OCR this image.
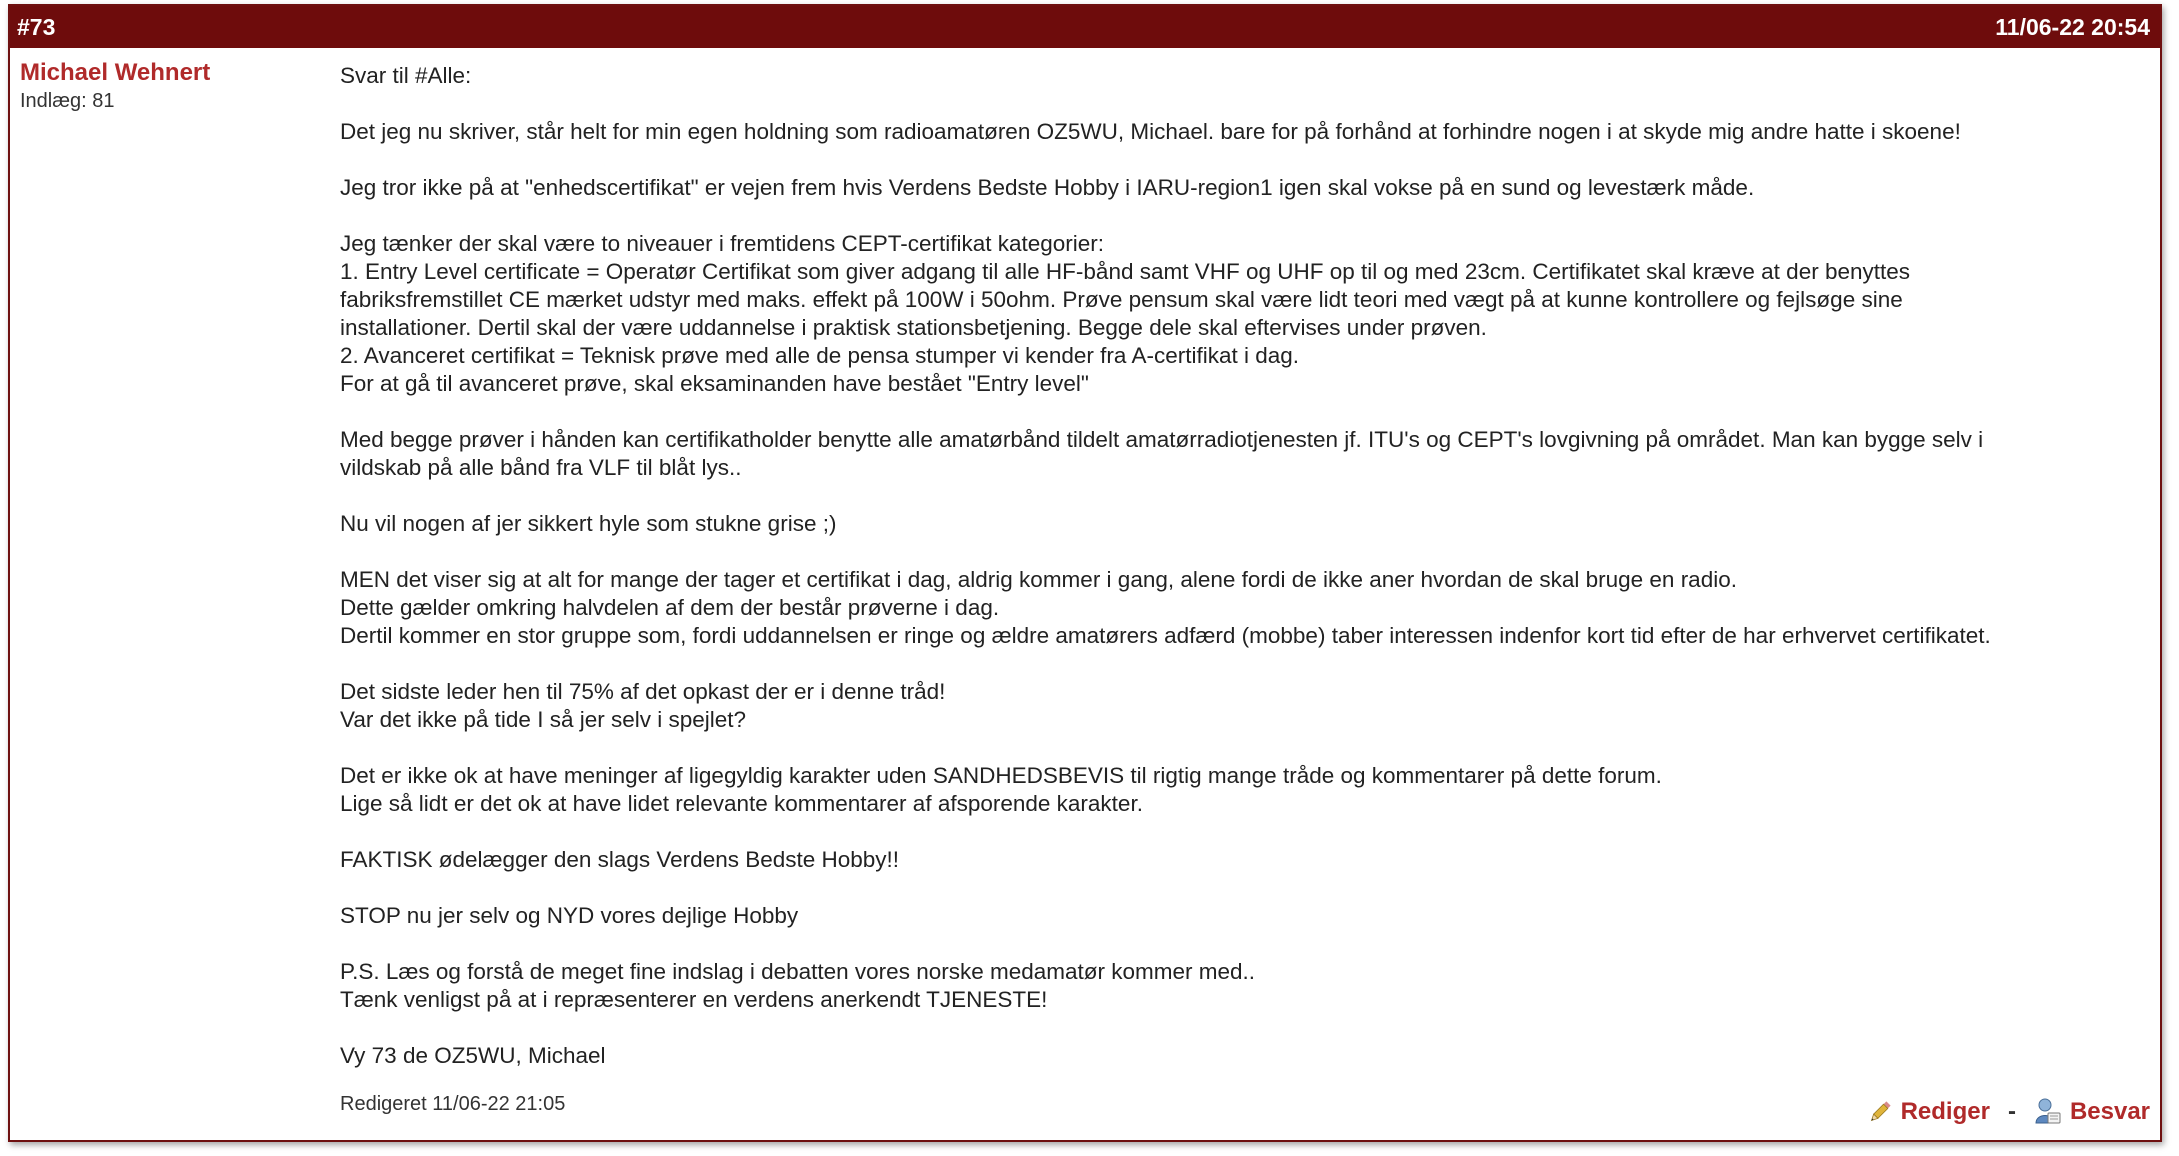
#73	11/06-22 20:54
Michael Wehnert
Indlæg: 81
Svar til #Alle:
Det jeg nu skriver, står helt for min egen holdning som radioamatøren OZ5WU, Michael. bare for på forhånd at forhindre nogen i at skyde mig andre hatte i skoene!
Jeg tror ikke på at "enhedscertifikat" er vejen frem hvis Verdens Bedste Hobby i IARU-region1 igen skal vokse på en sund og levestærk måde.
Jeg tænker der skal være to niveauer i fremtidens CEPT-certifikat kategorier:
1. Entry Level certificate = Operatør Certifikat som giver adgang til alle HF-bånd samt VHF og UHF op til og med 23cm. Certifikatet skal kræve at der benyttes
fabriksfremstillet CE mærket udstyr med maks. effekt på 100W i 50ohm. Prøve pensum skal være lidt teori med vægt på at kunne kontrollere og fejlsøge sine
installationer. Dertil skal der være uddannelse i praktisk stationsbetjening. Begge dele skal eftervises under prøven.
2. Avanceret certifikat = Teknisk prøve med alle de pensa stumper vi kender fra A-certifikat i dag.
For at gå til avanceret prøve, skal eksaminanden have bestået "Entry level"
Med begge prøver i hånden kan certifikatholder benytte alle amatørbånd tildelt amatørradiotjenesten jf. ITU's og CEPT's lovgivning på området. Man kan bygge selv i
vildskab på alle bånd fra VLF til blåt lys..
Nu vil nogen af jer sikkert hyle som stukne grise ;)
MEN det viser sig at alt for mange der tager et certifikat i dag, aldrig kommer i gang, alene fordi de ikke aner hvordan de skal bruge en radio.
Dette gælder omkring halvdelen af dem der består prøverne i dag.
Dertil kommer en stor gruppe som, fordi uddannelsen er ringe og ældre amatørers adfærd (mobbe) taber interessen indenfor kort tid efter de har erhvervet certifikatet.
Det sidste leder hen til 75% af det opkast der er i denne tråd!
Var det ikke på tide I så jer selv i spejlet?
Det er ikke ok at have meninger af ligegyldig karakter uden SANDHEDSBEVIS til rigtig mange tråde og kommentarer på dette forum.
Lige så lidt er det ok at have lidet relevante kommentarer af afsporende karakter.
FAKTISK ødelægger den slags Verdens Bedste Hobby!!
STOP nu jer selv og NYD vores dejlige Hobby
P.S. Læs og forstå de meget fine indslag i debatten vores norske medamatør kommer med..
Tænk venligst på at i repræsenterer en verdens anerkendt TJENESTE!
Vy 73 de OZ5WU, Michael
Redigeret 11/06-22 21:05	Rediger - Besvar
